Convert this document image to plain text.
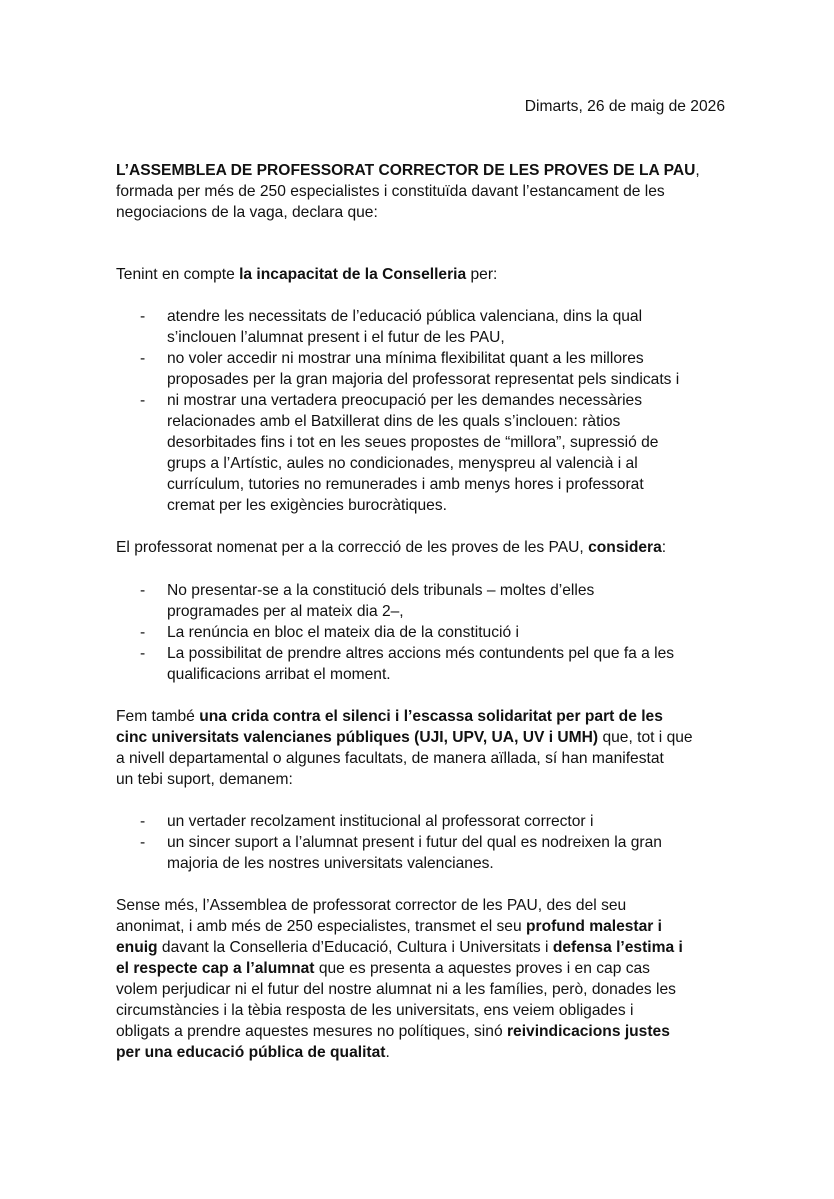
Dimarts, 26 de maig de 2026
L’ASSEMBLEA DE PROFESSORAT CORRECTOR DE LES PROVES DE LA PAU,
formada per més de 250 especialistes i constituïda davant l’estancament de les
negociacions de la vaga, declara que:
Tenint en compte la incapacitat de la Conselleria per:
- atendre les necessitats de l’educació pública valenciana, dins la qual
s’inclouen l’alumnat present i el futur de les PAU,
- no voler accedir ni mostrar una mínima flexibilitat quant a les millores
proposades per la gran majoria del professorat representat pels sindicats i
- ni mostrar una vertadera preocupació per les demandes necessàries
relacionades amb el Batxillerat dins de les quals s’inclouen: ràtios
desorbitades fins i tot en les seues propostes de “millora”, supressió de
grups a l’Artístic, aules no condicionades, menyspreu al valencià i al
currículum, tutories no remunerades i amb menys hores i professorat
cremat per les exigències burocràtiques.
El professorat nomenat per a la correcció de les proves de les PAU, considera:
- No presentar-se a la constitució dels tribunals – moltes d’elles
programades per al mateix dia 2–,
- La renúncia en bloc el mateix dia de la constitució i
- La possibilitat de prendre altres accions més contundents pel que fa a les
qualificacions arribat el moment.
Fem també una crida contra el silenci i l’escassa solidaritat per part de les
cinc universitats valencianes públiques (UJI, UPV, UA, UV i UMH) que, tot i que
a nivell departamental o algunes facultats, de manera aïllada, sí han manifestat
un tebi suport, demanem:
- un vertader recolzament institucional al professorat corrector i
- un sincer suport a l’alumnat present i futur del qual es nodreixen la gran
majoria de les nostres universitats valencianes.
Sense més, l’Assemblea de professorat corrector de les PAU, des del seu
anonimat, i amb més de 250 especialistes, transmet el seu profund malestar i
enuig davant la Conselleria d’Educació, Cultura i Universitats i defensa l’estima i
el respecte cap a l’alumnat que es presenta a aquestes proves i en cap cas
volem perjudicar ni el futur del nostre alumnat ni a les famílies, però, donades les
circumstàncies i la tèbia resposta de les universitats, ens veiem obligades i
obligats a prendre aquestes mesures no polítiques, sinó reivindicacions justes
per una educació pública de qualitat.
